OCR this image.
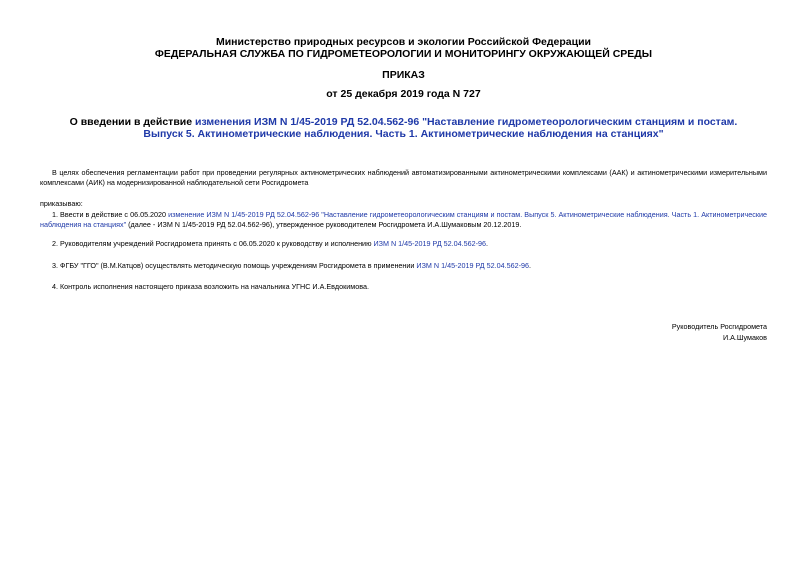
Министерство природных ресурсов и экологии Российской Федерации
ФЕДЕРАЛЬНАЯ СЛУЖБА ПО ГИДРОМЕТЕОРОЛОГИИ И МОНИТОРИНГУ ОКРУЖАЮЩЕЙ СРЕДЫ
ПРИКАЗ
от 25 декабря 2019 года N 727
О введении в действие изменения ИЗМ N 1/45-2019 РД 52.04.562-96 "Наставление гидрометеорологическим станциям и постам. Выпуск 5. Актинометрические наблюдения. Часть 1. Актинометрические наблюдения на станциях"
В целях обеспечения регламентации работ при проведении регулярных актинометрических наблюдений автоматизированными актинометрическими комплексами (ААК) и актинометрическими измерительными комплексами (АИК) на модернизированной наблюдательной сети Росгидромета
приказываю:
1. Ввести в действие с 06.05.2020 изменение ИЗМ N 1/45-2019 РД 52.04.562-96 "Наставление гидрометеорологическим станциям и постам. Выпуск 5. Актинометрические наблюдения. Часть 1. Актинометрические наблюдения на станциях" (далее - ИЗМ N 1/45-2019 РД 52.04.562-96), утвержденное руководителем Росгидромета И.А.Шумаковым 20.12.2019.
2. Руководителям учреждений Росгидромета принять с 06.05.2020 к руководству и исполнению ИЗМ N 1/45-2019 РД 52.04.562-96.
3. ФГБУ "ГГО" (В.М.Катцов) осуществлять методическую помощь учреждениям Росгидромета в применении ИЗМ N 1/45-2019 РД 52.04.562-96.
4. Контроль исполнения настоящего приказа возложить на начальника УГНС И.А.Евдокимова.
Руководитель Росгидромета
И.А.Шумаков
